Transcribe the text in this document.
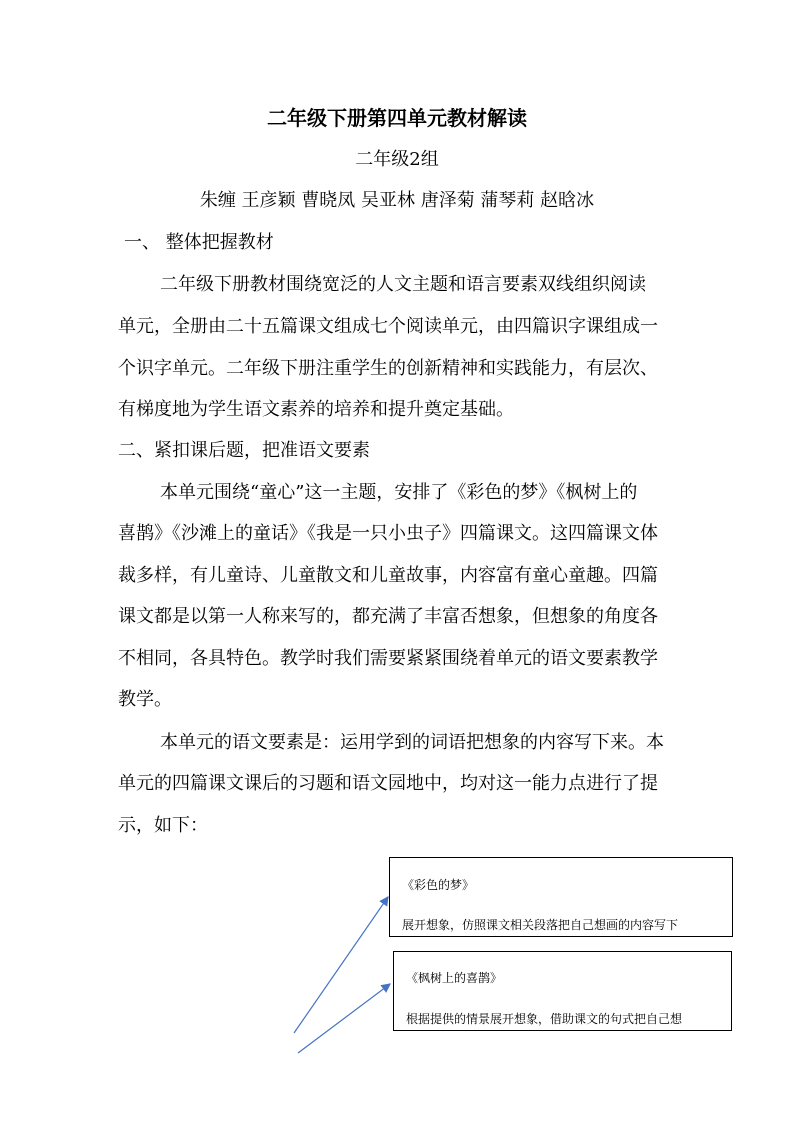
二年级下册第四单元教材解读
二年级2组
朱缠 王彦颖 曹晓凤 吴亚林 唐泽菊 蒲琴莉 赵晗冰
一、 整体把握教材
二年级下册教材围绕宽泛的人文主题和语言要素双线组织阅读
单元，全册由二十五篇课文组成七个阅读单元，由四篇识字课组成一
个识字单元。二年级下册注重学生的创新精神和实践能力，有层次、
有梯度地为学生语文素养的培养和提升奠定基础。
二、紧扣课后题，把准语文要素
本单元围绕“童心”这一主题，安排了《彩色的梦》《枫树上的
喜鹊》《沙滩上的童话》《我是一只小虫子》四篇课文。这四篇课文体
裁多样，有儿童诗、儿童散文和儿童故事，内容富有童心童趣。四篇
课文都是以第一人称来写的，都充满了丰富否想象，但想象的角度各
不相同，各具特色。教学时我们需要紧紧围绕着单元的语文要素教学
教学。
本单元的语文要素是：运用学到的词语把想象的内容写下来。本
单元的四篇课文课后的习题和语文园地中，均对这一能力点进行了提
示，如下：
《彩色的梦》
展开想象，仿照课文相关段落把自己想画的内容写下
《枫树上的喜鹊》
根据提供的情景展开想象，借助课文的句式把自己想
